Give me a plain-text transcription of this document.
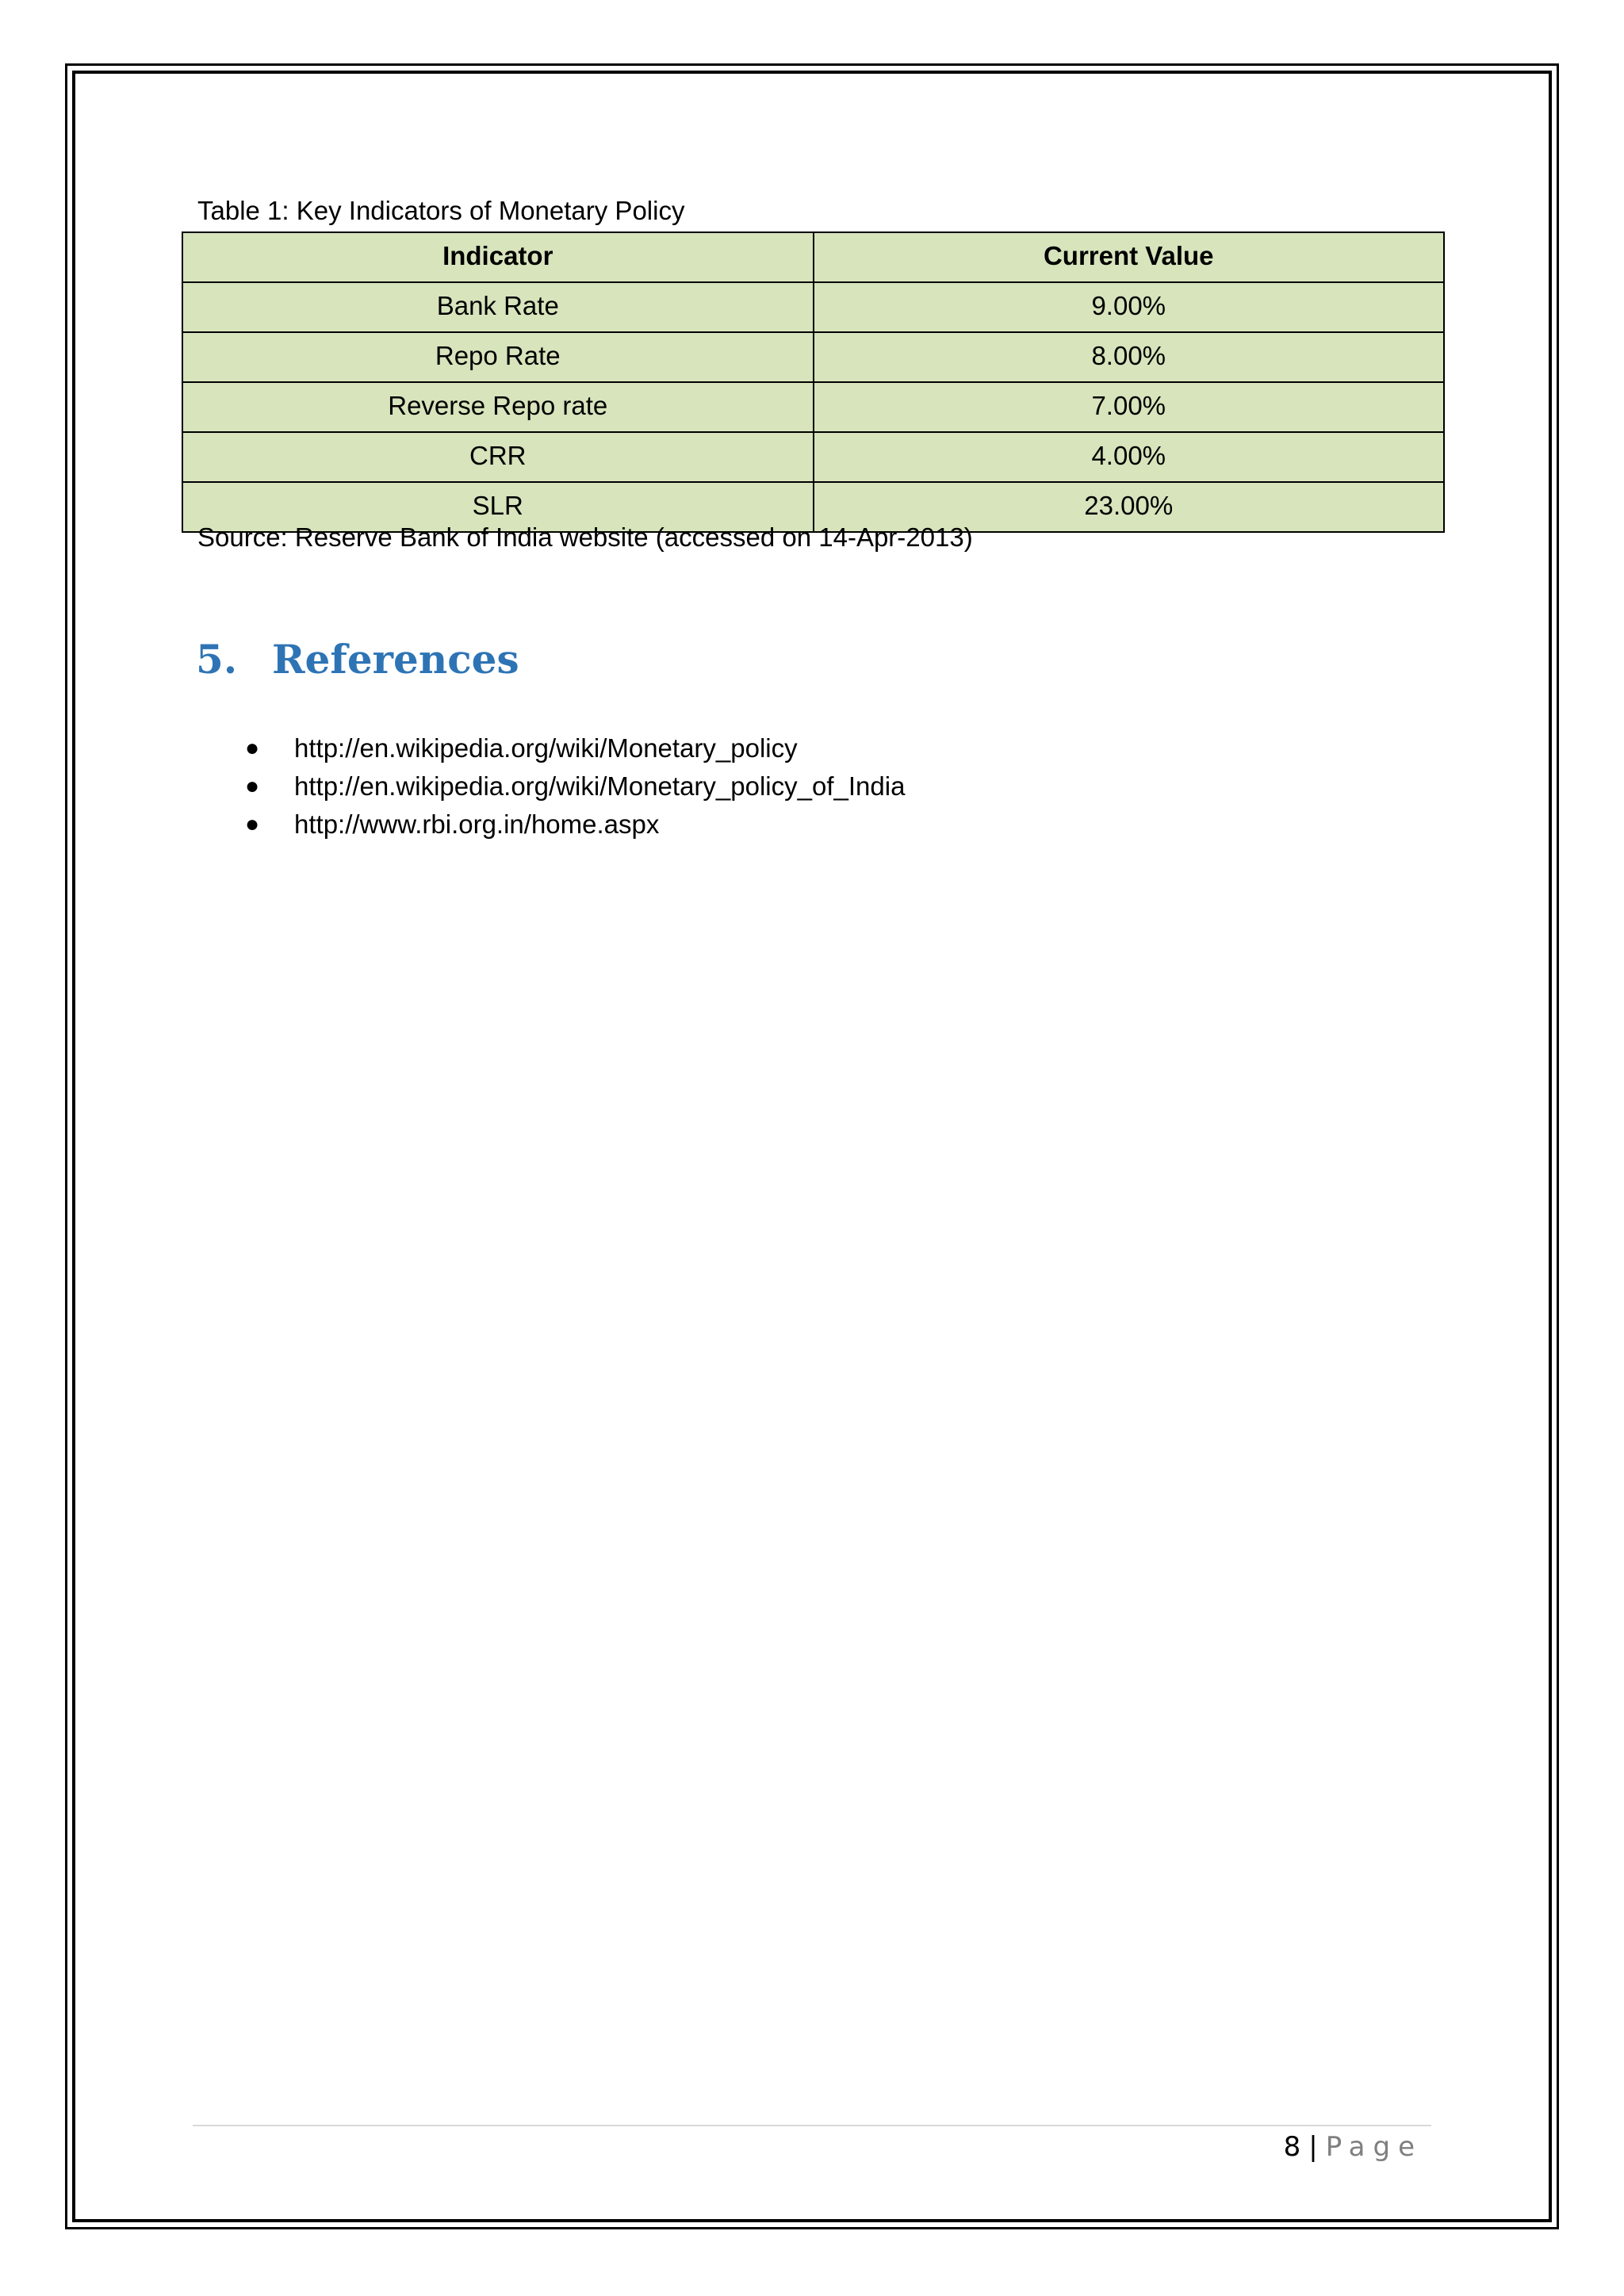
Table 1: Key Indicators of Monetary Policy
Indicator	Current Value
Bank Rate	9.00%
Repo Rate	8.00%
Reverse Repo rate	7.00%
CRR	4.00%
SLR	23.00%
Source: Reserve Bank of India website (accessed on 14-Apr-2013)
5. References
●	http://en.wikipedia.org/wiki/Monetary_policy
●	http://en.wikipedia.org/wiki/Monetary_policy_of_India
●	http://www.rbi.org.in/home.aspx
8 | Page
